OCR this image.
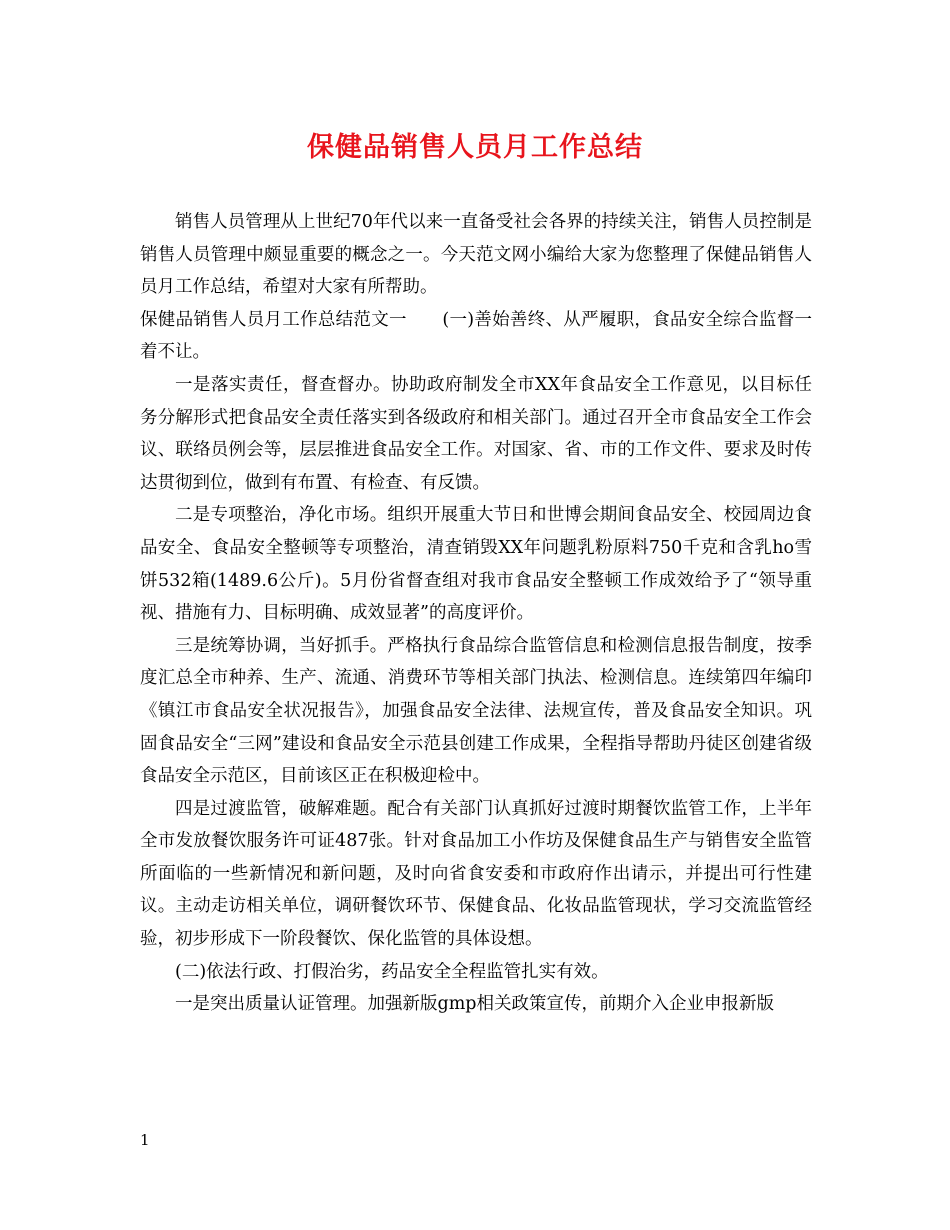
保健品销售人员月工作总结

销售人员管理从上世纪70年代以来一直备受社会各界的持续关注，销售人员控制是销售人员管理中颇显重要的概念之一。今天范文网小编给大家为您整理了保健品销售人员月工作总结，希望对大家有所帮助。

保健品销售人员月工作总结范文一　　(一)善始善终、从严履职，食品安全综合监督一着不让。

一是落实责任，督查督办。协助政府制发全市XX年食品安全工作意见，以目标任务分解形式把食品安全责任落实到各级政府和相关部门。通过召开全市食品安全工作会议、联络员例会等，层层推进食品安全工作。对国家、省、市的工作文件、要求及时传达贯彻到位，做到有布置、有检查、有反馈。

二是专项整治，净化市场。组织开展重大节日和世博会期间食品安全、校园周边食品安全、食品安全整顿等专项整治，清查销毁XX年问题乳粉原料750千克和含乳ho雪饼532箱(1489.6公斤)。5月份省督查组对我市食品安全整顿工作成效给予了“领导重视、措施有力、目标明确、成效显著”的高度评价。

三是统筹协调，当好抓手。严格执行食品综合监管信息和检测信息报告制度，按季度汇总全市种养、生产、流通、消费环节等相关部门执法、检测信息。连续第四年编印《镇江市食品安全状况报告》，加强食品安全法律、法规宣传，普及食品安全知识。巩固食品安全“三网”建设和食品安全示范县创建工作成果，全程指导帮助丹徒区创建省级食品安全示范区，目前该区正在积极迎检中。

四是过渡监管，破解难题。配合有关部门认真抓好过渡时期餐饮监管工作，上半年全市发放餐饮服务许可证487张。针对食品加工小作坊及保健食品生产与销售安全监管所面临的一些新情况和新问题，及时向省食安委和市政府作出请示，并提出可行性建议。主动走访相关单位，调研餐饮环节、保健食品、化妆品监管现状，学习交流监管经验，初步形成下一阶段餐饮、保化监管的具体设想。

(二)依法行政、打假治劣，药品安全全程监管扎实有效。

一是突出质量认证管理。加强新版gmp相关政策宣传，前期介入企业申报新版

1
